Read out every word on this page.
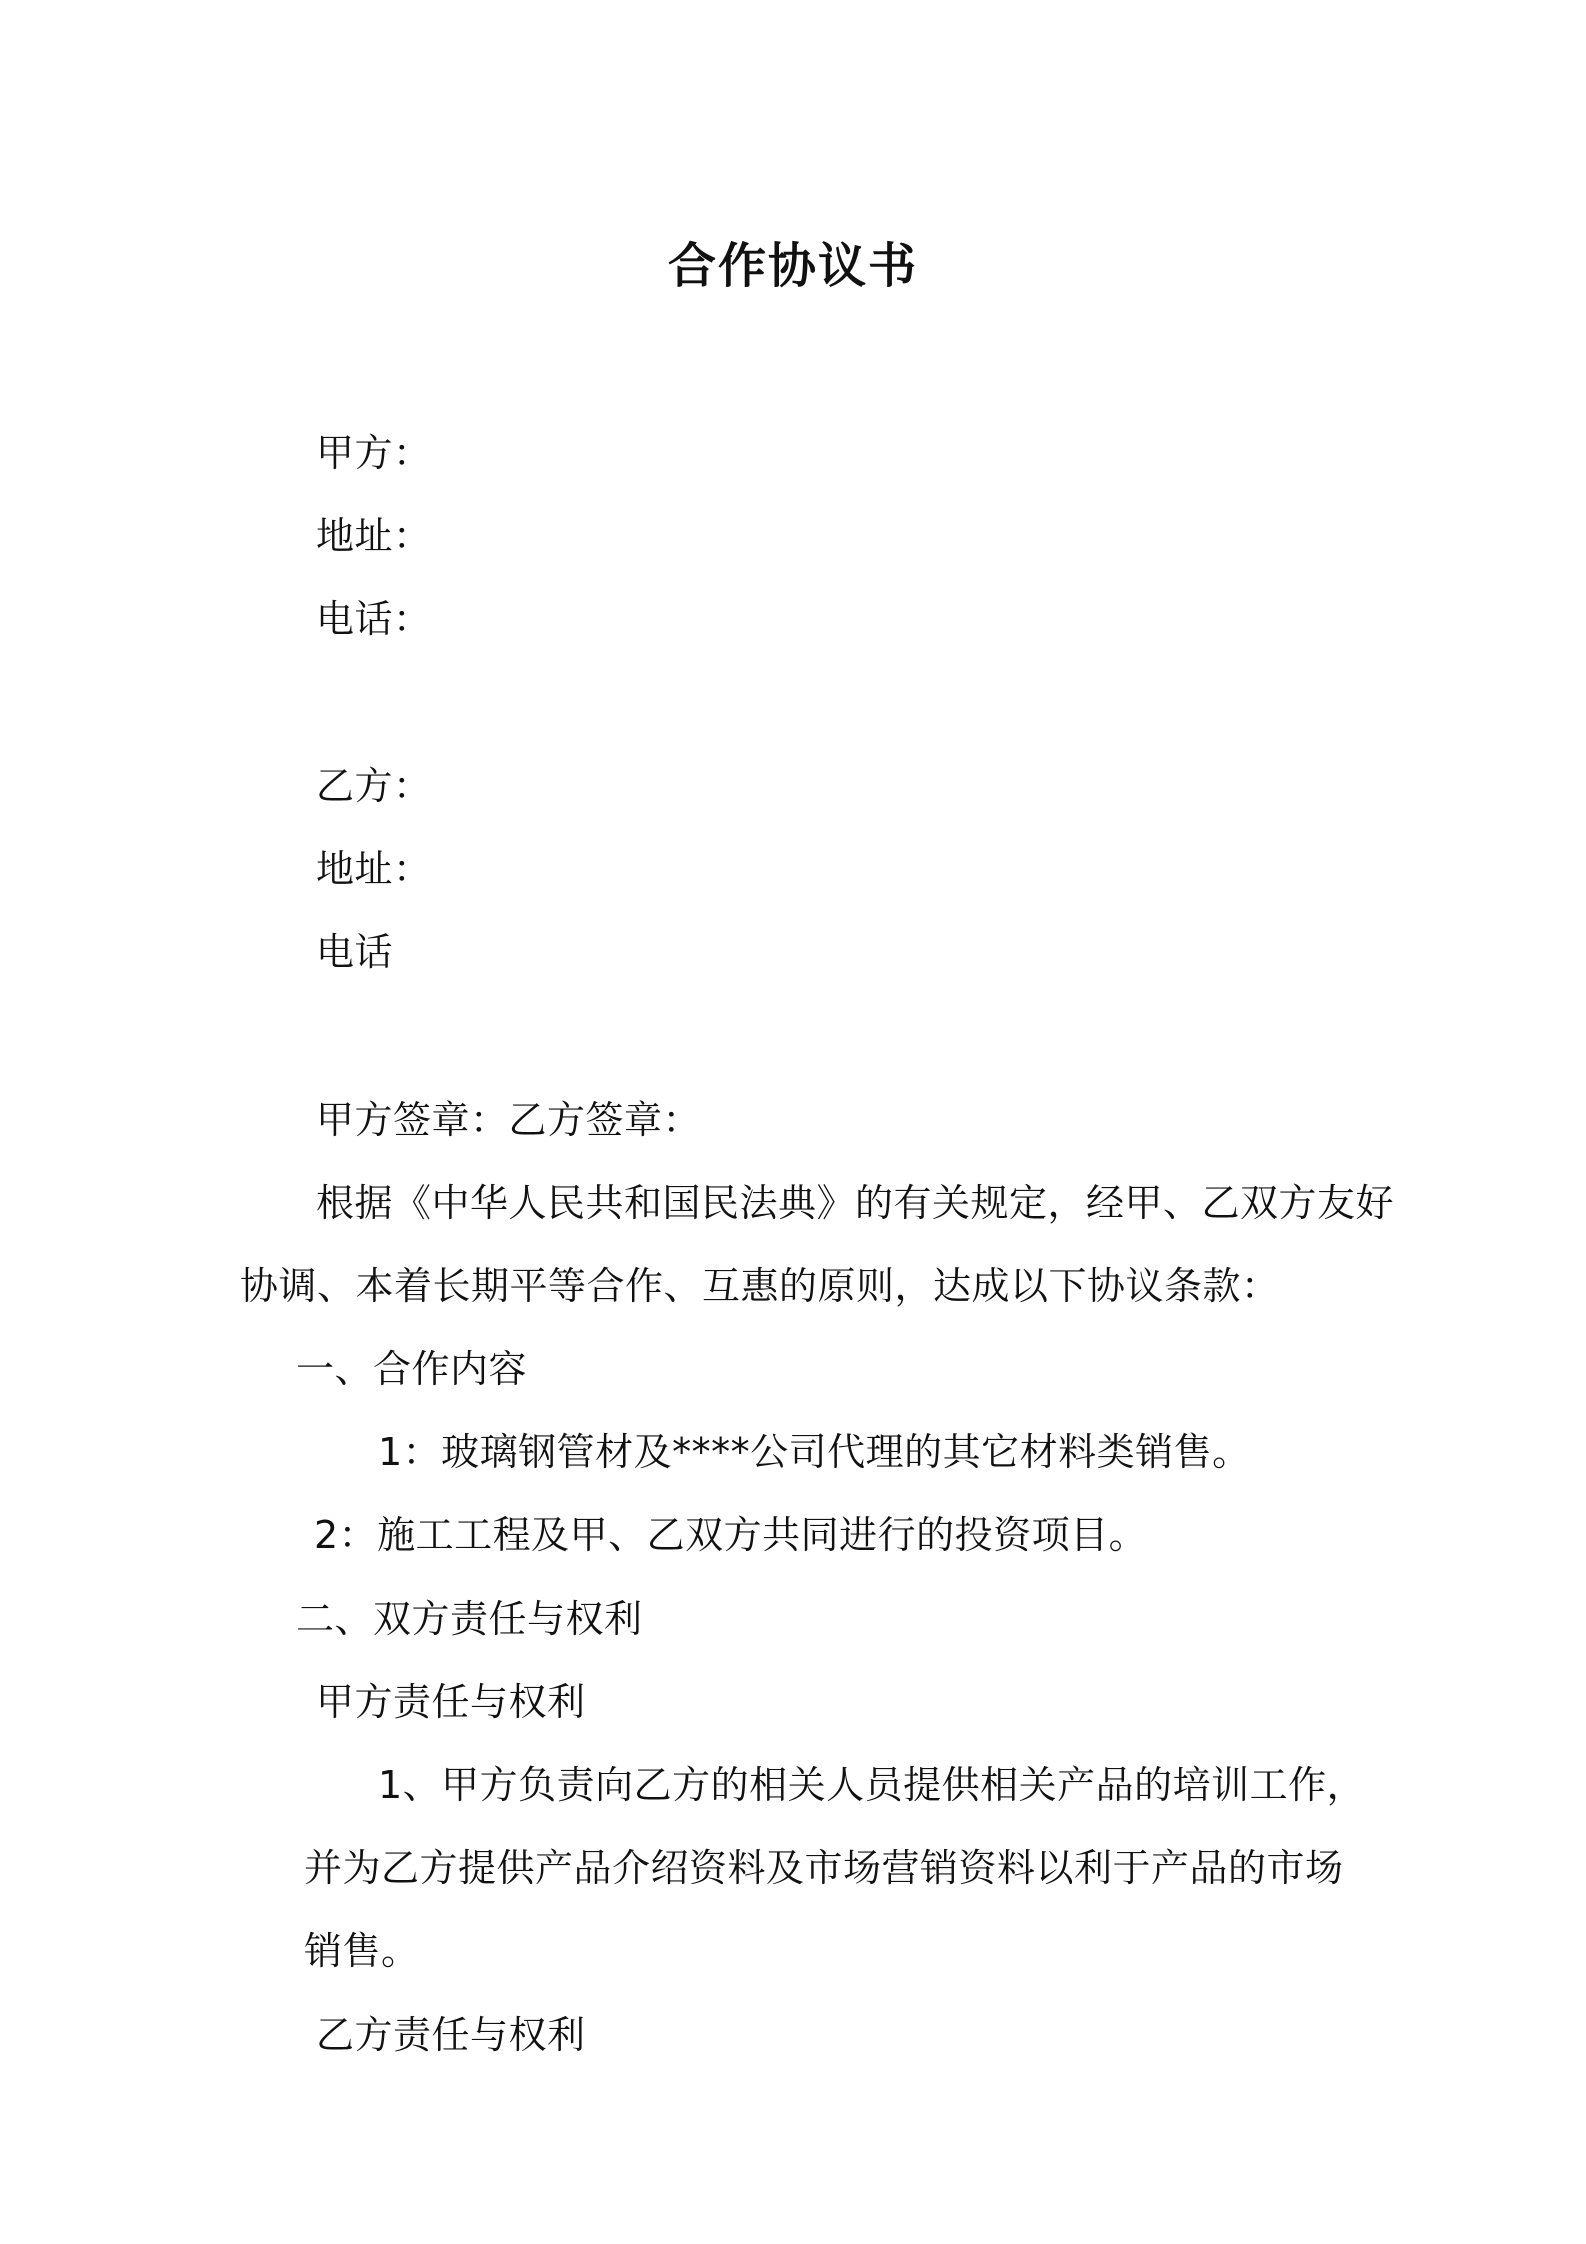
合作协议书
甲方：
地址：
电话：
乙方：
地址：
电话
甲方签章：乙方签章：
根据《中华人民共和国民法典》的有关规定，经甲、乙双方友好
协调、本着长期平等合作、互惠的原则，达成以下协议条款：
一、合作内容
1：玻璃钢管材及****公司代理的其它材料类销售。
2：施工工程及甲、乙双方共同进行的投资项目。
二、双方责任与权利
甲方责任与权利
1、甲方负责向乙方的相关人员提供相关产品的培训工作，
并为乙方提供产品介绍资料及市场营销资料以利于产品的市场
销售。
乙方责任与权利
